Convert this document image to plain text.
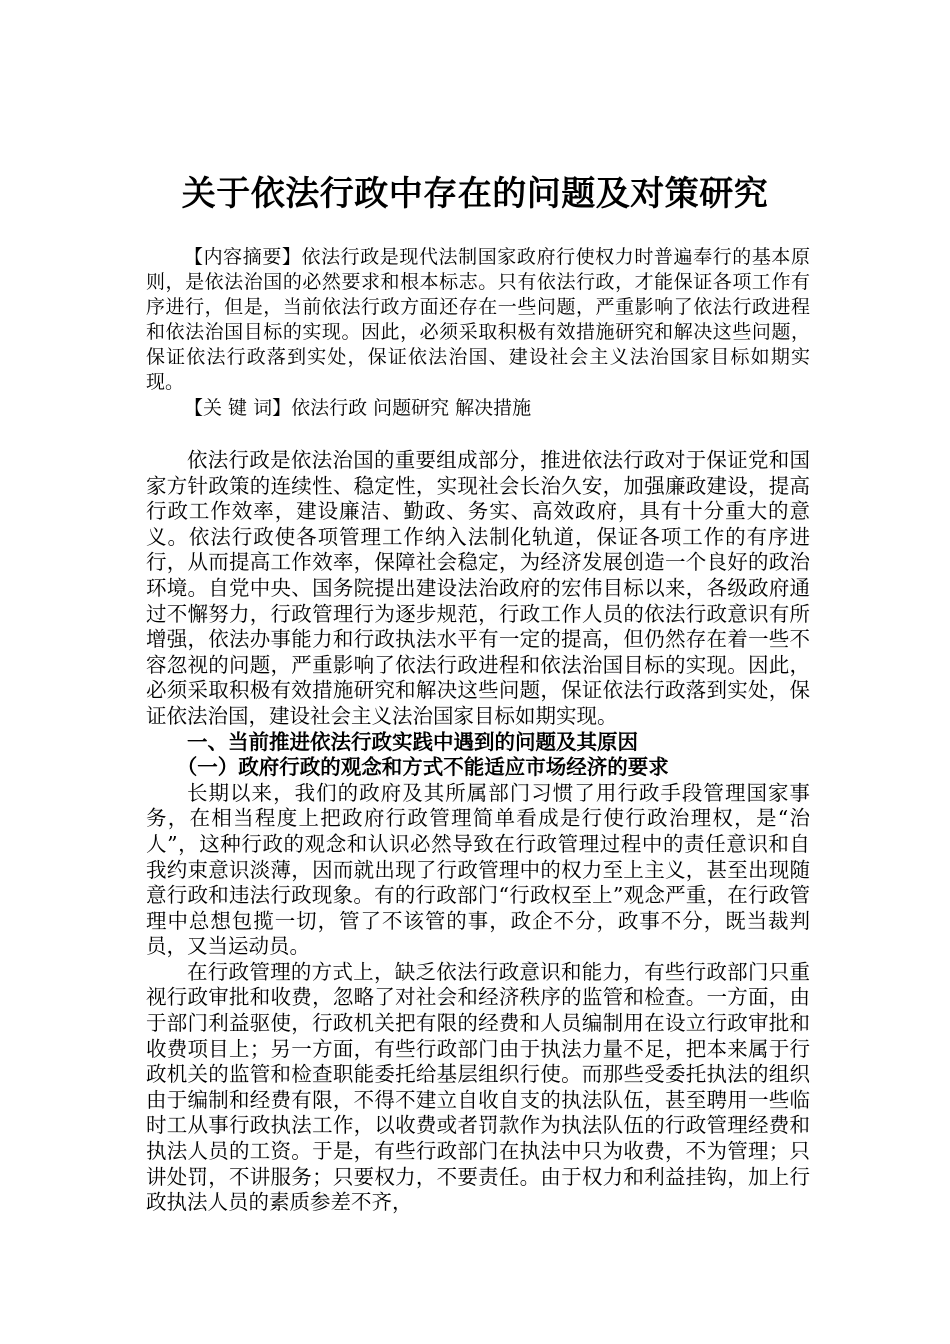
关于依法行政中存在的问题及对策研究

【内容摘要】依法行政是现代法制国家政府行使权力时普遍奉行的基本原则，是依法治国的必然要求和根本标志。只有依法行政，才能保证各项工作有序进行，但是，当前依法行政方面还存在一些问题，严重影响了依法行政进程和依法治国目标的实现。因此，必须采取积极有效措施研究和解决这些问题，保证依法行政落到实处，保证依法治国、建设社会主义法治国家目标如期实现。

【关 键 词】依法行政 问题研究 解决措施

依法行政是依法治国的重要组成部分，推进依法行政对于保证党和国家方针政策的连续性、稳定性，实现社会长治久安，加强廉政建设，提高行政工作效率，建设廉洁、勤政、务实、高效政府，具有十分重大的意义。依法行政使各项管理工作纳入法制化轨道，保证各项工作的有序进行，从而提高工作效率，保障社会稳定，为经济发展创造一个良好的政治环境。自党中央、国务院提出建设法治政府的宏伟目标以来，各级政府通过不懈努力，行政管理行为逐步规范，行政工作人员的依法行政意识有所增强，依法办事能力和行政执法水平有一定的提高，但仍然存在着一些不容忽视的问题，严重影响了依法行政进程和依法治国目标的实现。因此，必须采取积极有效措施研究和解决这些问题，保证依法行政落到实处，保证依法治国，建设社会主义法治国家目标如期实现。

一、当前推进依法行政实践中遇到的问题及其原因
（一）政府行政的观念和方式不能适应市场经济的要求

长期以来，我们的政府及其所属部门习惯了用行政手段管理国家事务，在相当程度上把政府行政管理简单看成是行使行政治理权，是“治人”，这种行政的观念和认识必然导致在行政管理过程中的责任意识和自我约束意识淡薄，因而就出现了行政管理中的权力至上主义，甚至出现随意行政和违法行政现象。有的行政部门“行政权至上”观念严重，在行政管理中总想包揽一切，管了不该管的事，政企不分，政事不分，既当裁判员，又当运动员。

在行政管理的方式上，缺乏依法行政意识和能力，有些行政部门只重视行政审批和收费，忽略了对社会和经济秩序的监管和检查。一方面，由于部门利益驱使，行政机关把有限的经费和人员编制用在设立行政审批和收费项目上；另一方面，有些行政部门由于执法力量不足，把本来属于行政机关的监管和检查职能委托给基层组织行使。而那些受委托执法的组织由于编制和经费有限，不得不建立自收自支的执法队伍，甚至聘用一些临时工从事行政执法工作，以收费或者罚款作为执法队伍的行政管理经费和执法人员的工资。于是，有些行政部门在执法中只为收费，不为管理；只讲处罚，不讲服务；只要权力，不要责任。由于权力和利益挂钩，加上行政执法人员的素质参差不齐，
